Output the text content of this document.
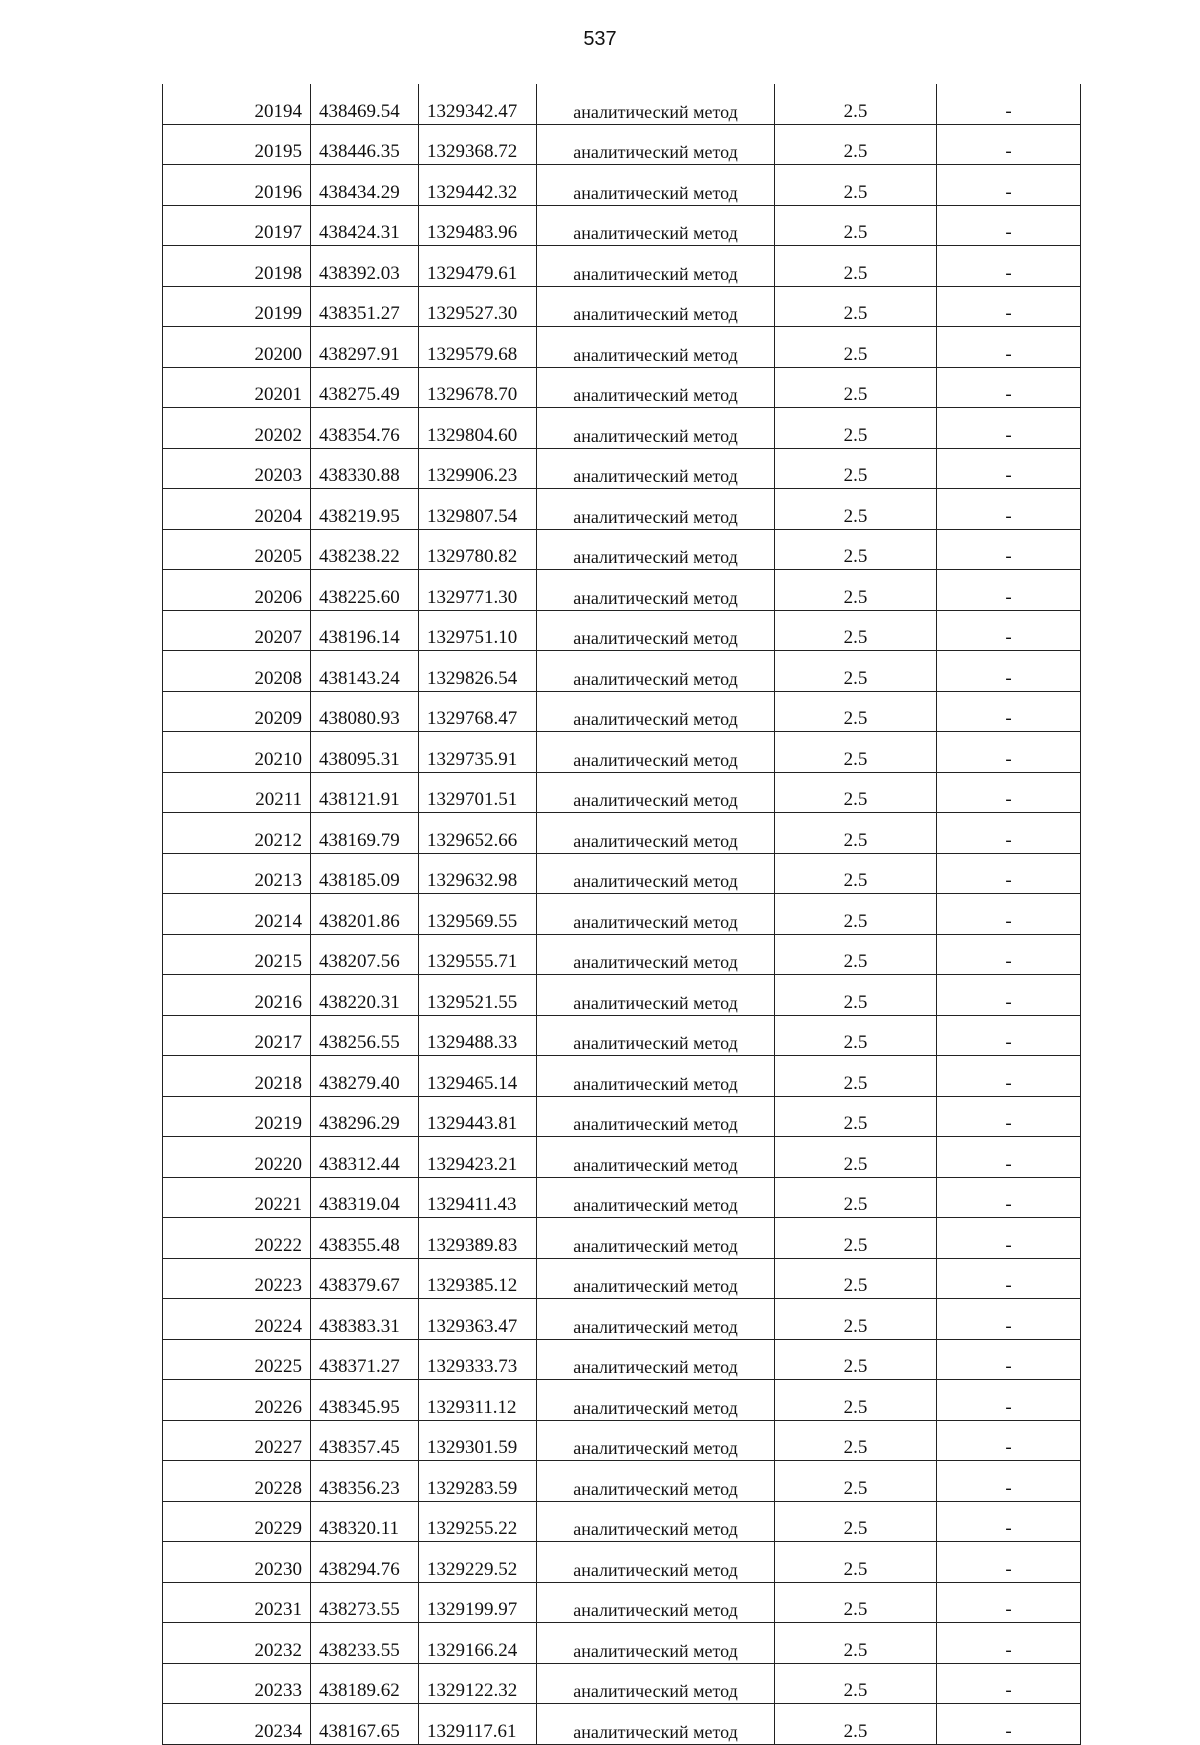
537
20194	438469.54	1329342.47	аналитический метод	2.5	-
20195	438446.35	1329368.72	аналитический метод	2.5	-
20196	438434.29	1329442.32	аналитический метод	2.5	-
20197	438424.31	1329483.96	аналитический метод	2.5	-
20198	438392.03	1329479.61	аналитический метод	2.5	-
20199	438351.27	1329527.30	аналитический метод	2.5	-
20200	438297.91	1329579.68	аналитический метод	2.5	-
20201	438275.49	1329678.70	аналитический метод	2.5	-
20202	438354.76	1329804.60	аналитический метод	2.5	-
20203	438330.88	1329906.23	аналитический метод	2.5	-
20204	438219.95	1329807.54	аналитический метод	2.5	-
20205	438238.22	1329780.82	аналитический метод	2.5	-
20206	438225.60	1329771.30	аналитический метод	2.5	-
20207	438196.14	1329751.10	аналитический метод	2.5	-
20208	438143.24	1329826.54	аналитический метод	2.5	-
20209	438080.93	1329768.47	аналитический метод	2.5	-
20210	438095.31	1329735.91	аналитический метод	2.5	-
20211	438121.91	1329701.51	аналитический метод	2.5	-
20212	438169.79	1329652.66	аналитический метод	2.5	-
20213	438185.09	1329632.98	аналитический метод	2.5	-
20214	438201.86	1329569.55	аналитический метод	2.5	-
20215	438207.56	1329555.71	аналитический метод	2.5	-
20216	438220.31	1329521.55	аналитический метод	2.5	-
20217	438256.55	1329488.33	аналитический метод	2.5	-
20218	438279.40	1329465.14	аналитический метод	2.5	-
20219	438296.29	1329443.81	аналитический метод	2.5	-
20220	438312.44	1329423.21	аналитический метод	2.5	-
20221	438319.04	1329411.43	аналитический метод	2.5	-
20222	438355.48	1329389.83	аналитический метод	2.5	-
20223	438379.67	1329385.12	аналитический метод	2.5	-
20224	438383.31	1329363.47	аналитический метод	2.5	-
20225	438371.27	1329333.73	аналитический метод	2.5	-
20226	438345.95	1329311.12	аналитический метод	2.5	-
20227	438357.45	1329301.59	аналитический метод	2.5	-
20228	438356.23	1329283.59	аналитический метод	2.5	-
20229	438320.11	1329255.22	аналитический метод	2.5	-
20230	438294.76	1329229.52	аналитический метод	2.5	-
20231	438273.55	1329199.97	аналитический метод	2.5	-
20232	438233.55	1329166.24	аналитический метод	2.5	-
20233	438189.62	1329122.32	аналитический метод	2.5	-
20234	438167.65	1329117.61	аналитический метод	2.5	-
